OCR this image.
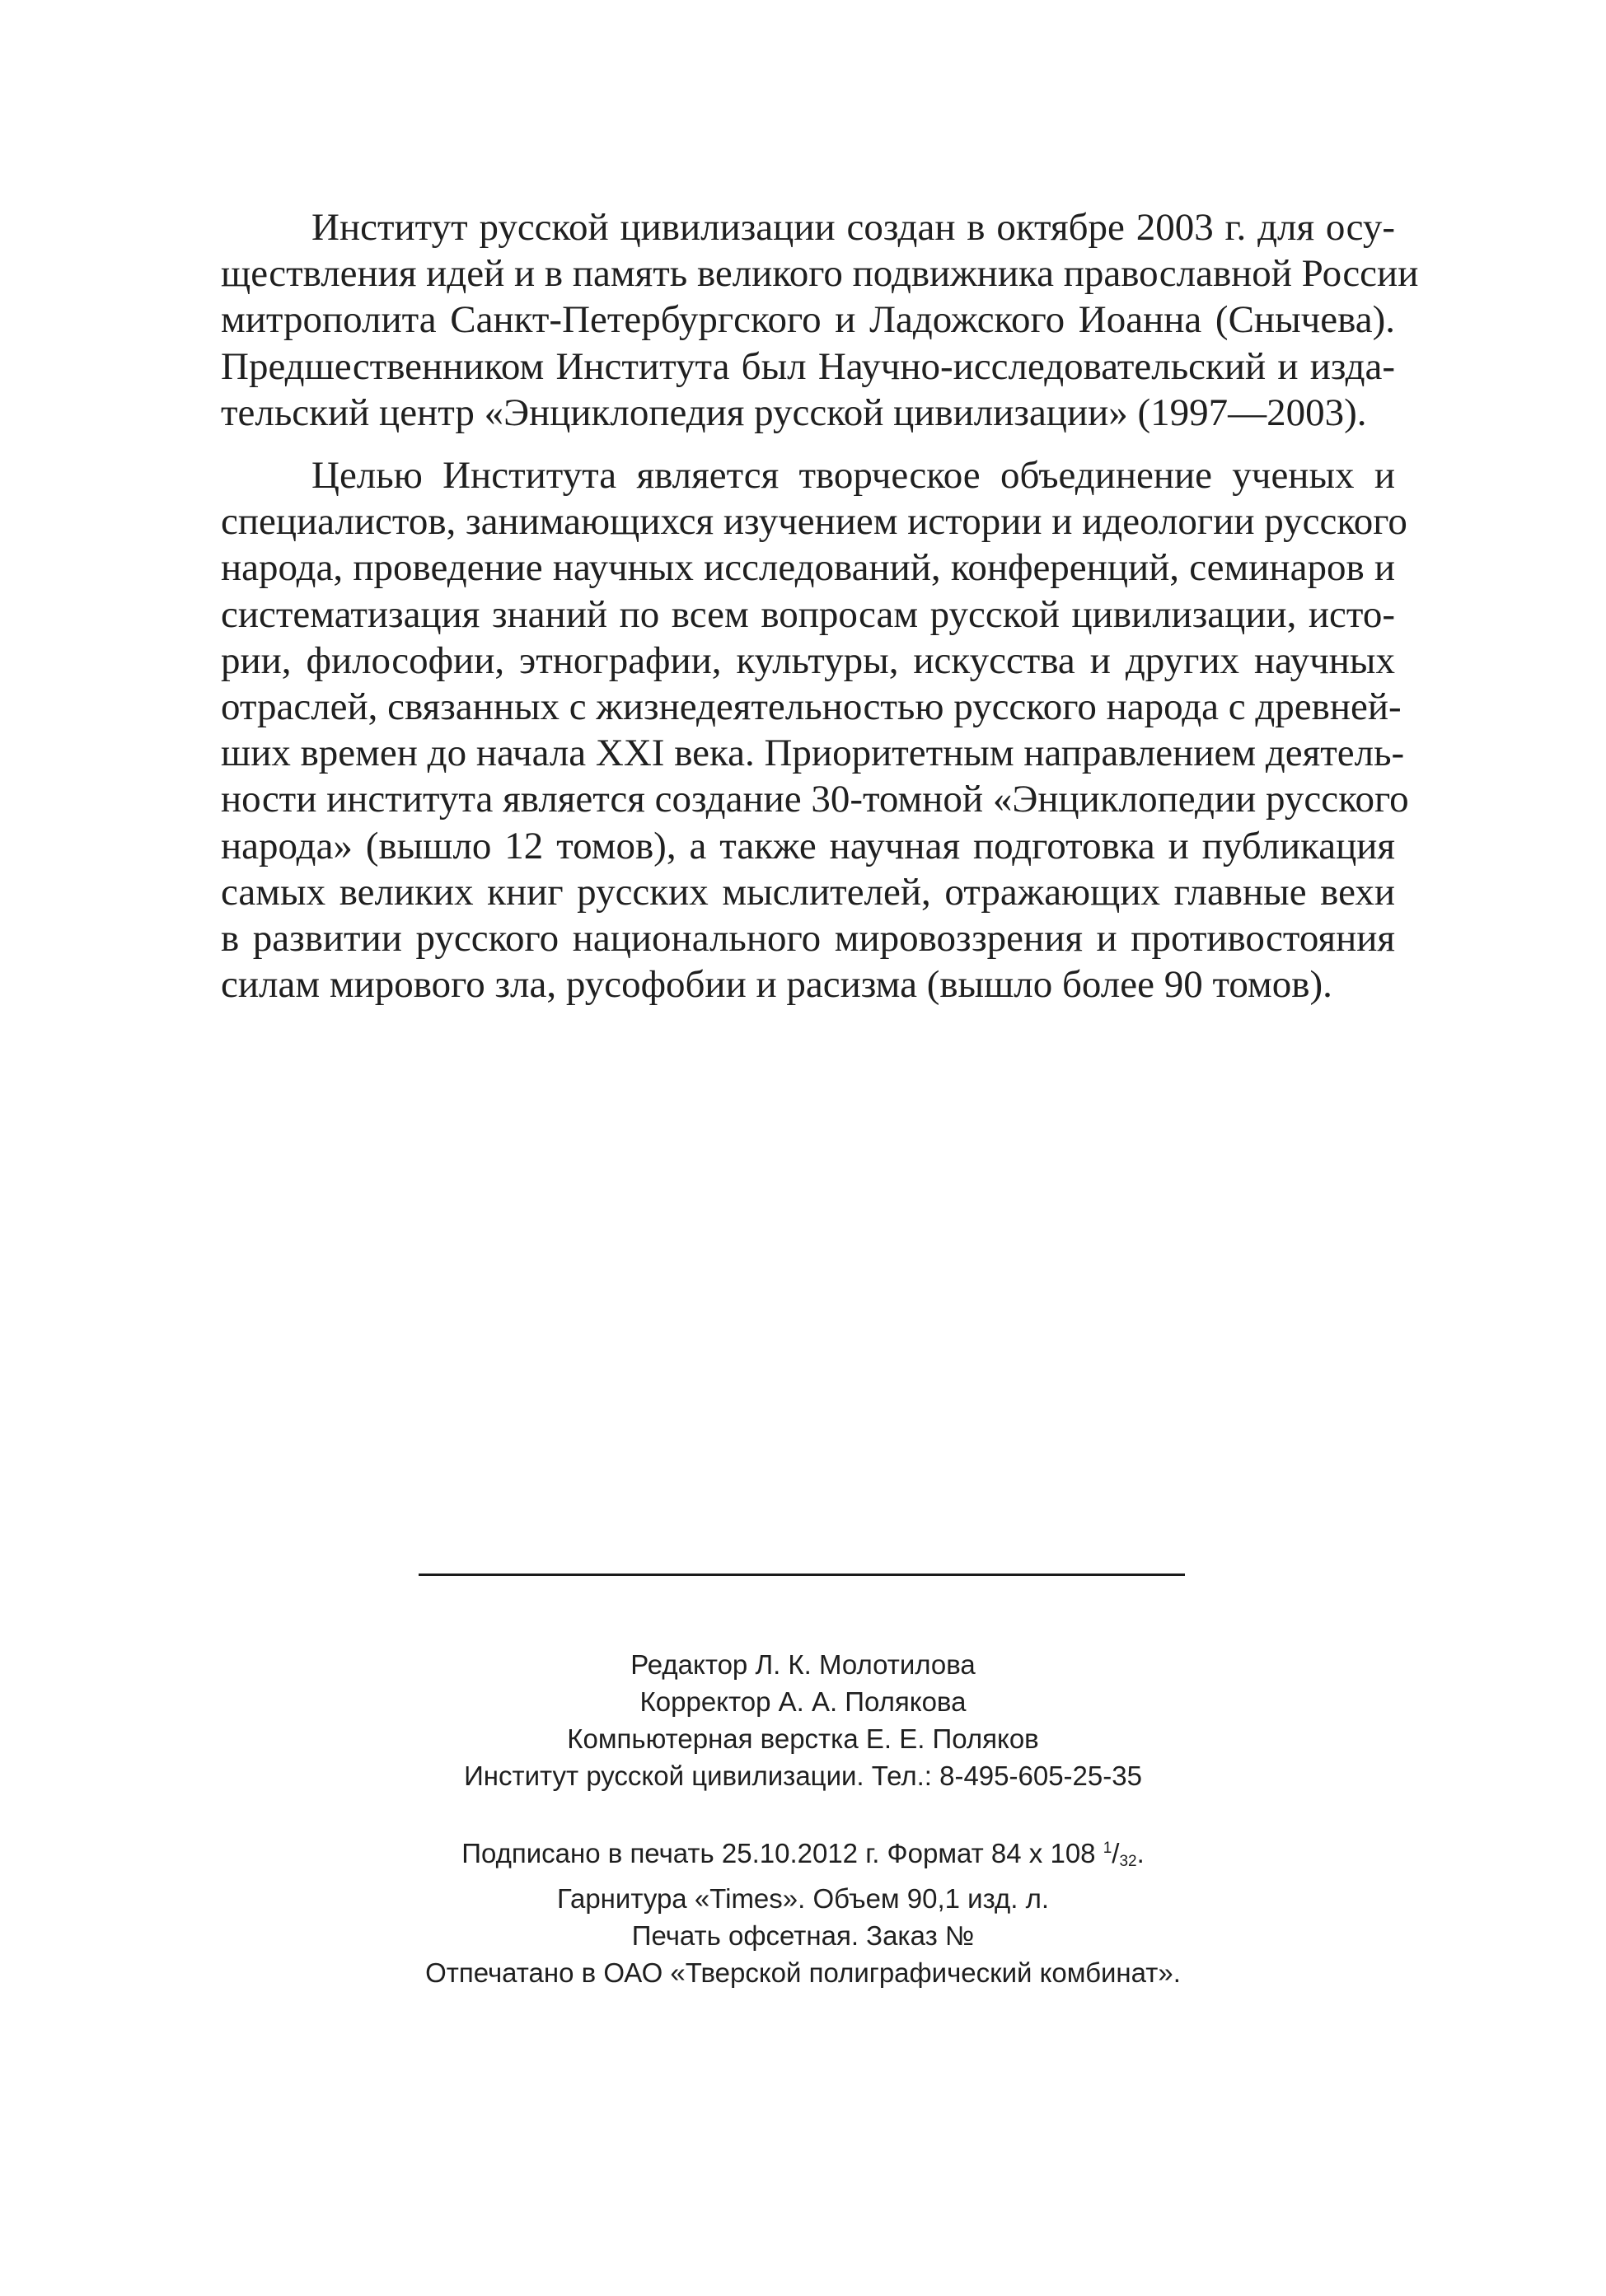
Институт русской цивилизации создан в октябре 2003 г. для осу-
ществления идей и в память великого подвижника православной России
митрополита Санкт-Петербургского и Ладожского Иоанна (Снычева).
Предшественником Института был Научно-исследовательский и изда-
тельский центр «Энциклопедия русской цивилизации» (1997—2003).

Целью Института является творческое объединение ученых и
специалистов, занимающихся изучением истории и идеологии русского
народа, проведение научных исследований, конференций, семинаров и
систематизация знаний по всем вопросам русской цивилизации, исто-
рии, философии, этнографии, культуры, искусства и других научных
отраслей, связанных с жизнедеятельностью русского народа с древней-
ших времен до начала XXI века. Приоритетным направлением деятель-
ности института является создание 30-томной «Энциклопедии русского
народа» (вышло 12 томов), а также научная подготовка и публикация
самых великих книг русских мыслителей, отражающих главные вехи
в развитии русского национального мировоззрения и противостояния
силам мирового зла, русофобии и расизма (вышло более 90 томов).

Редактор Л. К. Молотилова
Корректор А. А. Полякова
Компьютерная верстка Е. Е. Поляков
Институт русской цивилизации. Тел.: 8-495-605-25-35
Подписано в печать 25.10.2012 г. Формат 84 х 108 $^1/_{32}$.
Гарнитура «Times». Объем 90,1 изд. л.
Печать офсетная. Заказ №
Отпечатано в ОАО «Тверской полиграфический комбинат».
